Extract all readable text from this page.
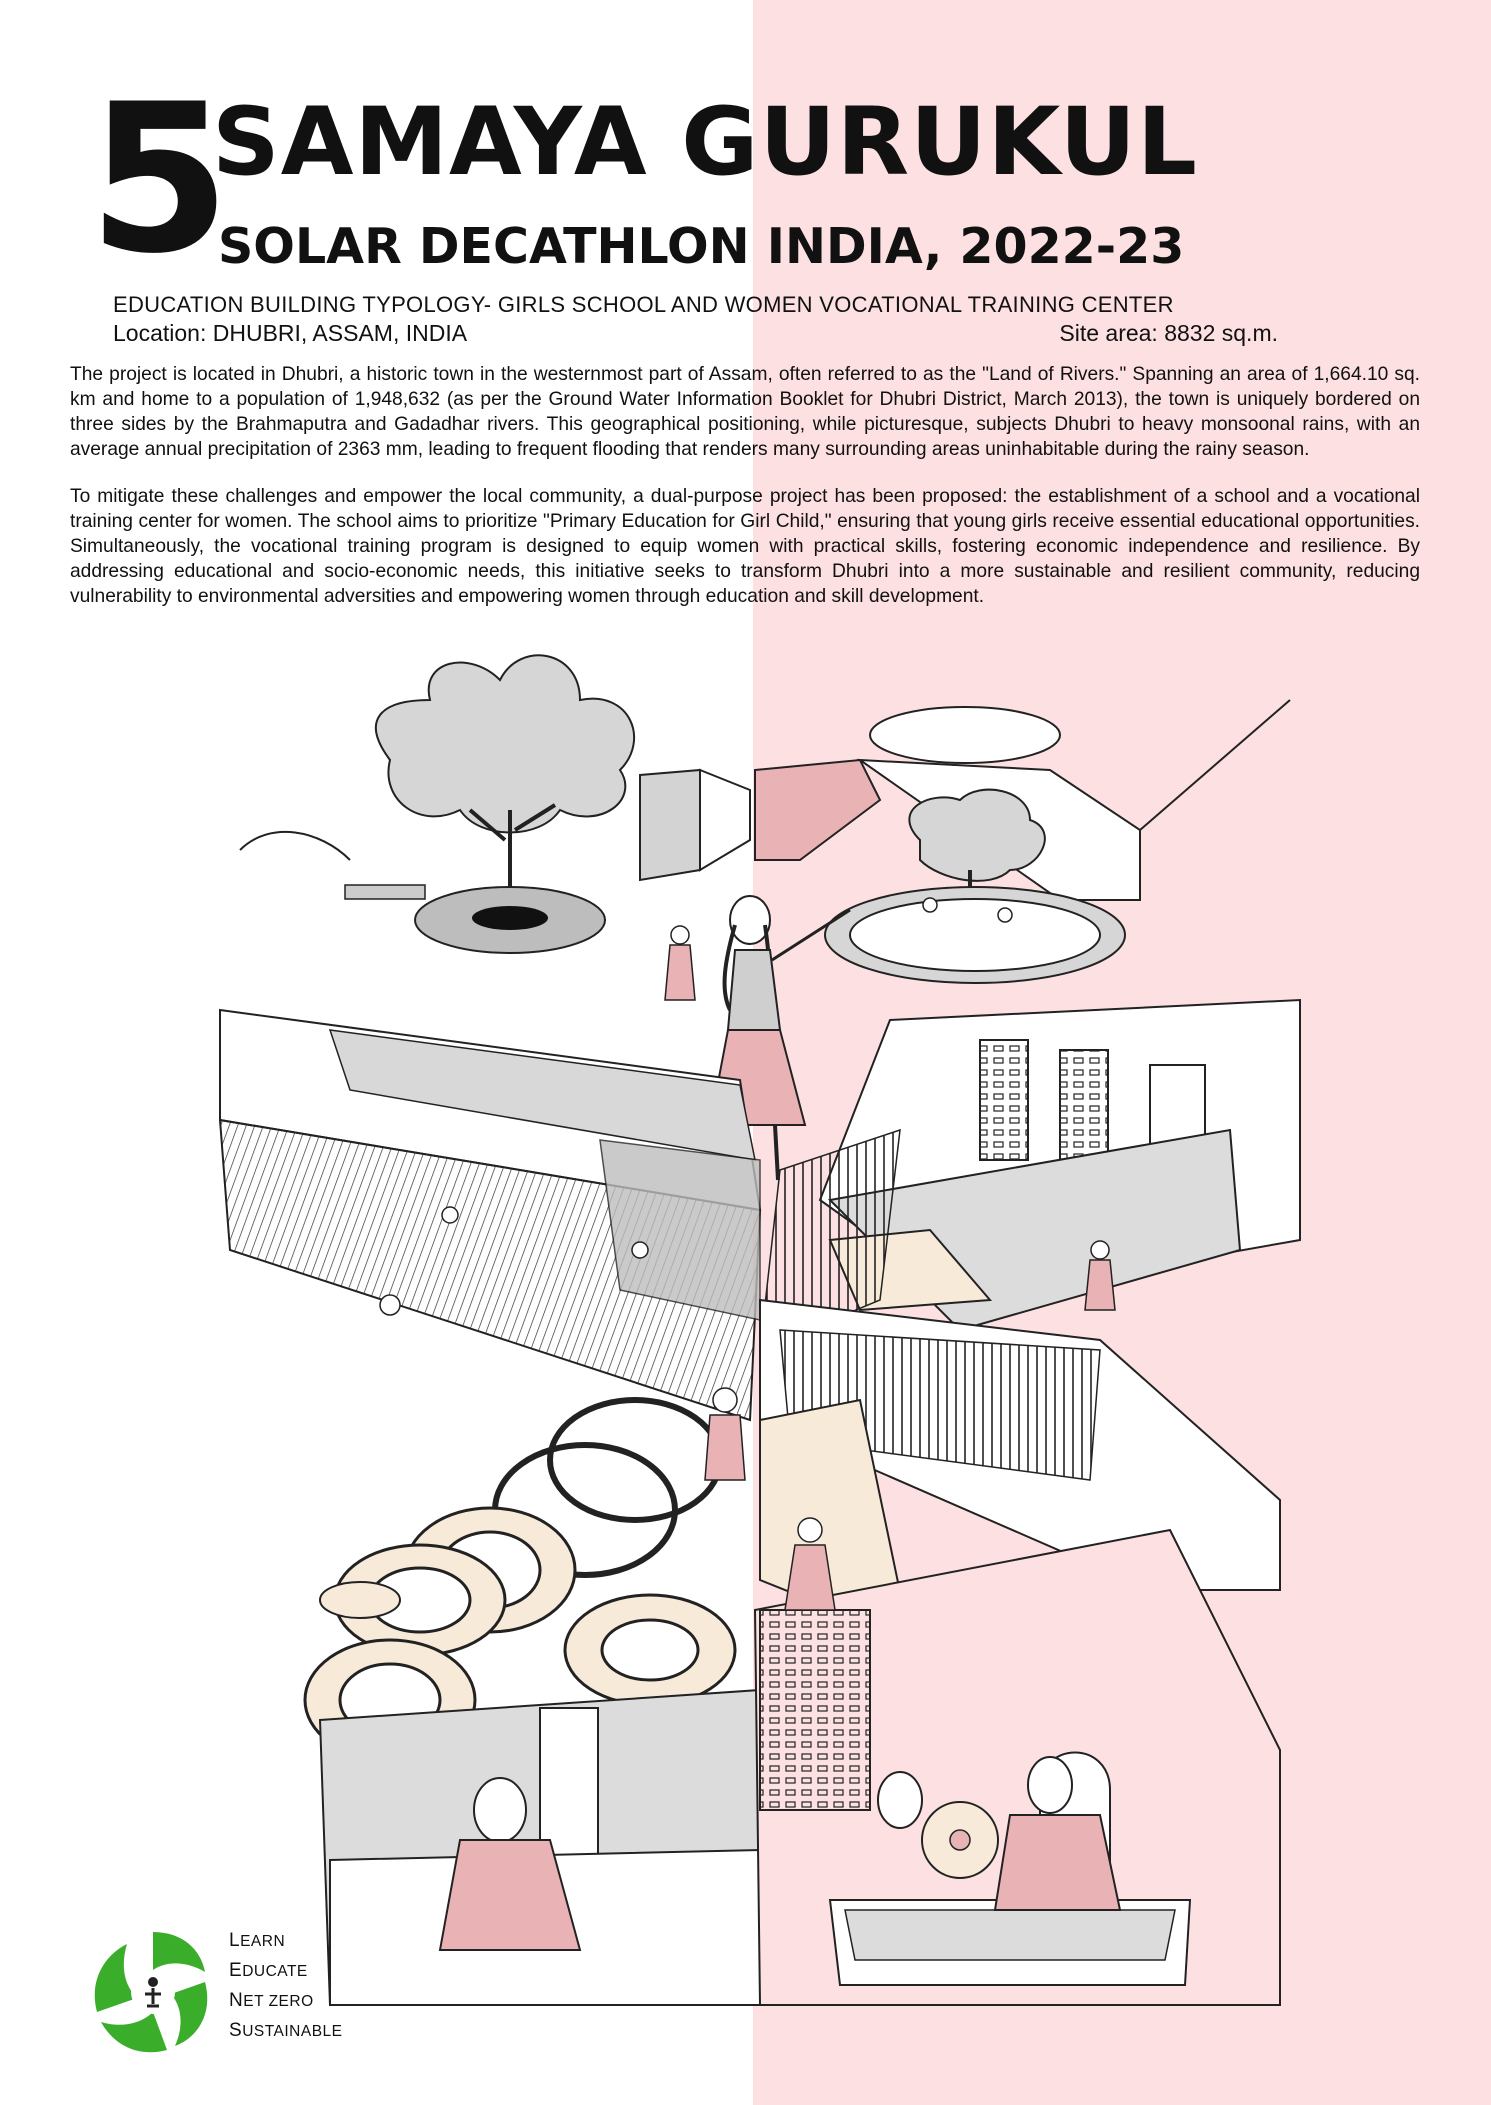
5
SAMAYA GURUKUL
SOLAR DECATHLON INDIA, 2022-23
EDUCATION BUILDING TYPOLOGY- GIRLS SCHOOL AND WOMEN VOCATIONAL TRAINING CENTER
Location: DHUBRI, ASSAM, INDIA	Site area: 8832 sq.m.

The project is located in Dhubri, a historic town in the westernmost part of Assam, often referred to as the "Land of Rivers." Spanning an area of 1,664.10 sq. km and home to a population of 1,948,632 (as per the Ground Water Information Booklet for Dhubri District, March 2013), the town is uniquely bordered on three sides by the Brahmaputra and Gadadhar rivers. This geographical positioning, while picturesque, subjects Dhubri to heavy monsoonal rains, with an average annual precipitation of 2363 mm, leading to frequent flooding that renders many surrounding areas uninhabitable during the rainy season.

To mitigate these challenges and empower the local community, a dual-purpose project has been proposed: the establishment of a school and a vocational training center for women. The school aims to prioritize "Primary Education for Girl Child," ensuring that young girls receive essential educational opportunities. Simultaneously, the vocational training program is designed to equip women with practical skills, fostering economic independence and resilience. By addressing educational and socio-economic needs, this initiative seeks to transform Dhubri into a more sustainable and resilient community, reducing vulnerability to environmental adversities and empowering women through education and skill development.

LEARN
EDUCATE
NET ZERO
SUSTAINABLE
